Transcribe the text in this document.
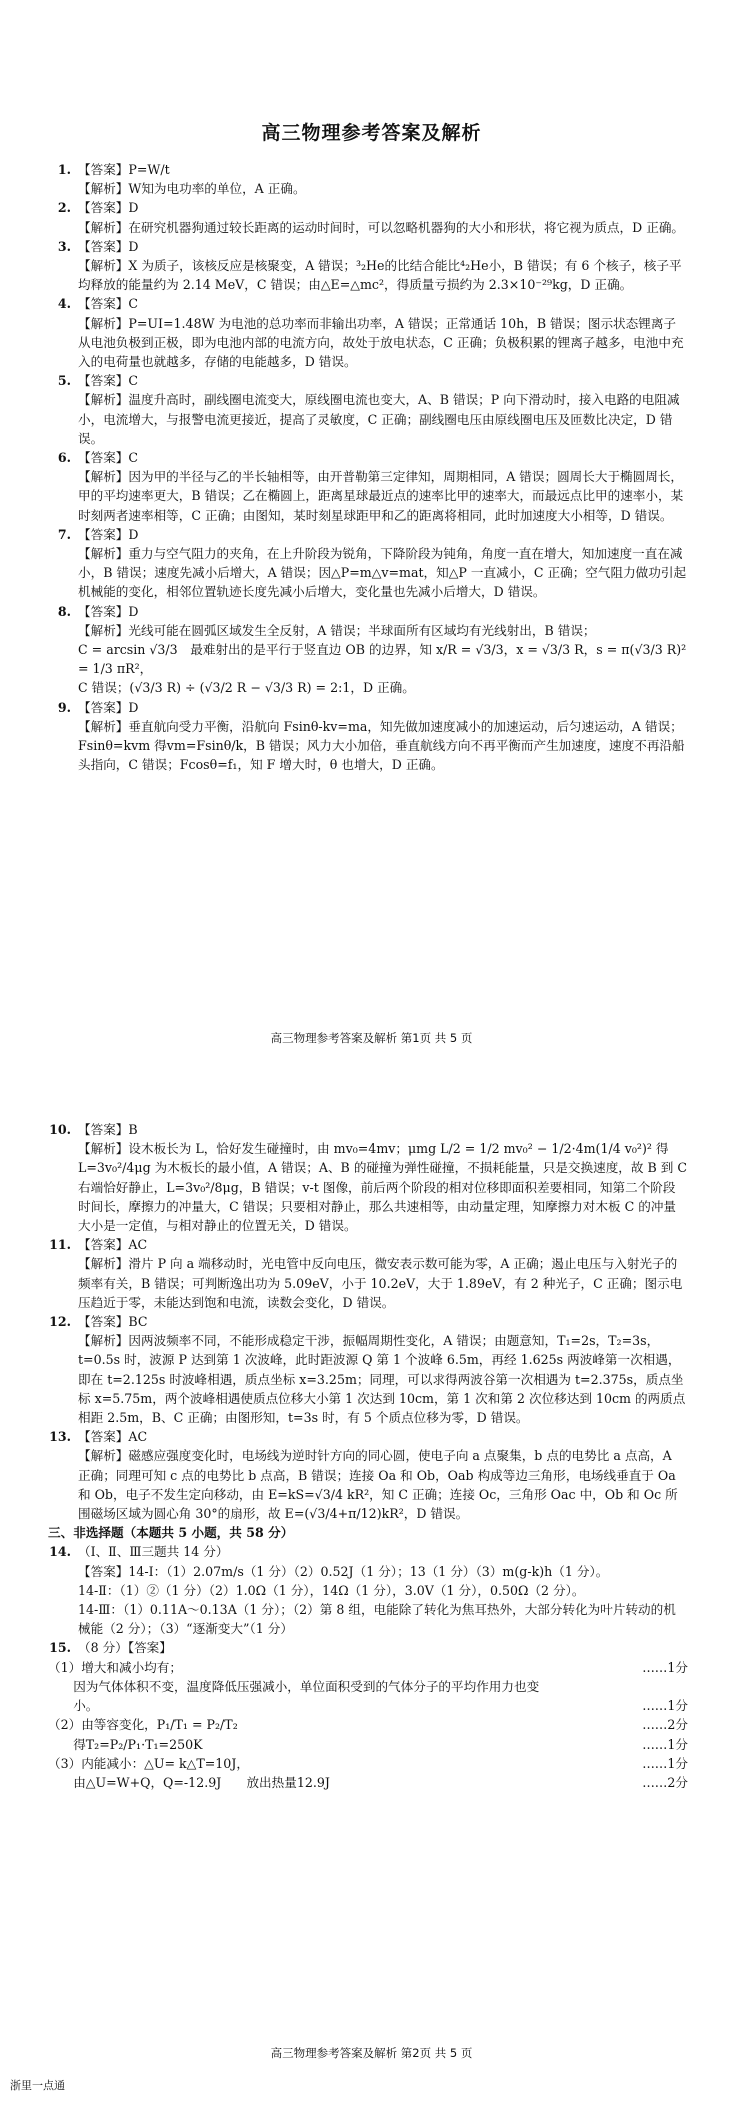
高三物理参考答案及解析
1. 【答案】P=W/t
【解析】W知为电功率的单位，A 正确。
2. 【答案】D
【解析】在研究机器狗通过较长距离的运动时间时，可以忽略机器狗的大小和形状，将它视为质点，D 正确。
3. 【答案】D
【解析】X 为质子，该核反应是核聚变，A 错误；³₂He的比结合能比⁴₂He小，B 错误；有 6 个核子，核子平均释放的能量约为 2.14 MeV，C 错误；由△E=△mc²，得质量亏损约为 2.3×10⁻²⁹kg，D 正确。
4. 【答案】C
【解析】P=UI=1.48W 为电池的总功率而非输出功率，A 错误；正常通话 10h，B 错误；图示状态锂离子从电池负极到正极，即为电池内部的电流方向，故处于放电状态，C 正确；负极积累的锂离子越多，电池中充入的电荷量也就越多，存储的电能越多，D 错误。
5. 【答案】C
【解析】温度升高时，副线圈电流变大，原线圈电流也变大，A、B 错误；P 向下滑动时，接入电路的电阻减小，电流增大，与报警电流更接近，提高了灵敏度，C 正确；副线圈电压由原线圈电压及匝数比决定，D 错误。
6. 【答案】C
【解析】因为甲的半径与乙的半长轴相等，由开普勒第三定律知，周期相同，A 错误；圆周长大于椭圆周长，甲的平均速率更大，B 错误；乙在椭圆上，距离星球最近点的速率比甲的速率大，而最远点比甲的速率小，某时刻两者速率相等，C 正确；由图知，某时刻星球距甲和乙的距离将相同，此时加速度大小相等，D 错误。
7. 【答案】D
【解析】重力与空气阻力的夹角，在上升阶段为锐角，下降阶段为钝角，角度一直在增大，知加速度一直在减小，B 错误；速度先减小后增大，A 错误；因△P=m△v=mat，知△P 一直减小，C 正确；空气阻力做功引起机械能的变化，相邻位置轨迹长度先减小后增大，变化量也先减小后增大，D 错误。
8. 【答案】D
【解析】光线可能在圆弧区域发生全反射，A 错误；半球面所有区域均有光线射出，B 错误；
C = arcsin √3/3　最难射出的是平行于竖直边 OB 的边界，知 x/R = √3/3，x = √3/3 R，s = π(√3/3 R)² = 1/3 πR²，
C 错误；(√3/3 R) ÷ (√3/2 R − √3/3 R) = 2:1，D 正确。
9. 【答案】D
【解析】垂直航向受力平衡，沿航向 Fsinθ-kv=ma，知先做加速度减小的加速运动，后匀速运动，A 错误；Fsinθ=kvm 得vm=Fsinθ/k，B 错误；风力大小加倍，垂直航线方向不再平衡而产生加速度，速度不再沿船头指向，C 错误；Fcosθ=f₁，知 F 增大时，θ 也增大，D 正确。
高三物理参考答案及解析 第1页 共 5 页
10. 【答案】B
【解析】设木板长为 L，恰好发生碰撞时，由 mv₀=4mv；μmg L/2 = 1/2 mv₀² − 1/2·4m(1/4 v₀²)² 得L=3v₀²/4μg 为木板长的最小值，A 错误；A、B 的碰撞为弹性碰撞，不损耗能量，只是交换速度，故 B 到 C 右端恰好静止，L=3v₀²/8μg，B 错误；v-t 图像，前后两个阶段的相对位移即面积差要相同，知第二个阶段时间长，摩擦力的冲量大，C 错误；只要相对静止，那么共速相等，由动量定理，知摩擦力对木板 C 的冲量大小是一定值，与相对静止的位置无关，D 错误。
11. 【答案】AC
【解析】滑片 P 向 a 端移动时，光电管中反向电压，微安表示数可能为零，A 正确；遏止电压与入射光子的频率有关，B 错误；可判断逸出功为 5.09eV，小于 10.2eV，大于 1.89eV，有 2 种光子，C 正确；图示电压趋近于零，未能达到饱和电流，读数会变化，D 错误。
12. 【答案】BC
【解析】因两波频率不同，不能形成稳定干涉，振幅周期性变化，A 错误；由题意知，T₁=2s，T₂=3s，t=0.5s 时，波源 P 达到第 1 次波峰，此时距波源 Q 第 1 个波峰 6.5m，再经 1.625s 两波峰第一次相遇，即在 t=2.125s 时波峰相遇，质点坐标 x=3.25m；同理，可以求得两波谷第一次相遇为 t=2.375s，质点坐标 x=5.75m，两个波峰相遇使质点位移大小第 1 次达到 10cm，第 1 次和第 2 次位移达到 10cm 的两质点相距 2.5m，B、C 正确；由图形知，t=3s 时，有 5 个质点位移为零，D 错误。
13. 【答案】AC
【解析】磁感应强度变化时，电场线为逆时针方向的同心圆，使电子向 a 点聚集，b 点的电势比 a 点高，A 正确；同理可知 c 点的电势比 b 点高，B 错误；连接 Oa 和 Ob，Oab 构成等边三角形，电场线垂直于 Oa 和 Ob，电子不发生定向移动，由 E=kS=√3/4 kR²，知 C 正确；连接 Oc，三角形 Oac 中，Ob 和 Oc 所围磁场区域为圆心角 30°的扇形，故 E=(√3/4+π/12)kR²，D 错误。
三、非选择题（本题共 5 小题，共 58 分）
14. （Ⅰ、Ⅱ、Ⅲ三题共 14 分）
【答案】14-Ⅰ：（1）2.07m/s（1 分）（2）0.52J（1 分）；13（1 分）（3）m(g-k)h（1 分）。
14-Ⅱ：（1）②（1 分）（2）1.0Ω（1 分），14Ω（1 分），3.0V（1 分），0.50Ω（2 分）。
14-Ⅲ：（1）0.11A～0.13A（1 分）；（2）第 8 组，电能除了转化为焦耳热外，大部分转化为叶片转动的机械能（2 分）；（3）“逐渐变大”（1 分）
15. （8 分）【答案】
（1）增大和减小均有；	……1分
　　因为气体体积不变，温度降低压强减小，单位面积受到的气体分子的平均作用力也变
　　小。	……1分
（2）由等容变化，P₁/T₁ = P₂/T₂	……2分
　　得T₂=P₂/P₁·T₁=250K	……1分
（3）内能减小：△U= k△T=10J，	……1分
　　由△U=W+Q，Q=-12.9J　　放出热量12.9J	……2分
高三物理参考答案及解析 第2页 共 5 页
浙里一点通
